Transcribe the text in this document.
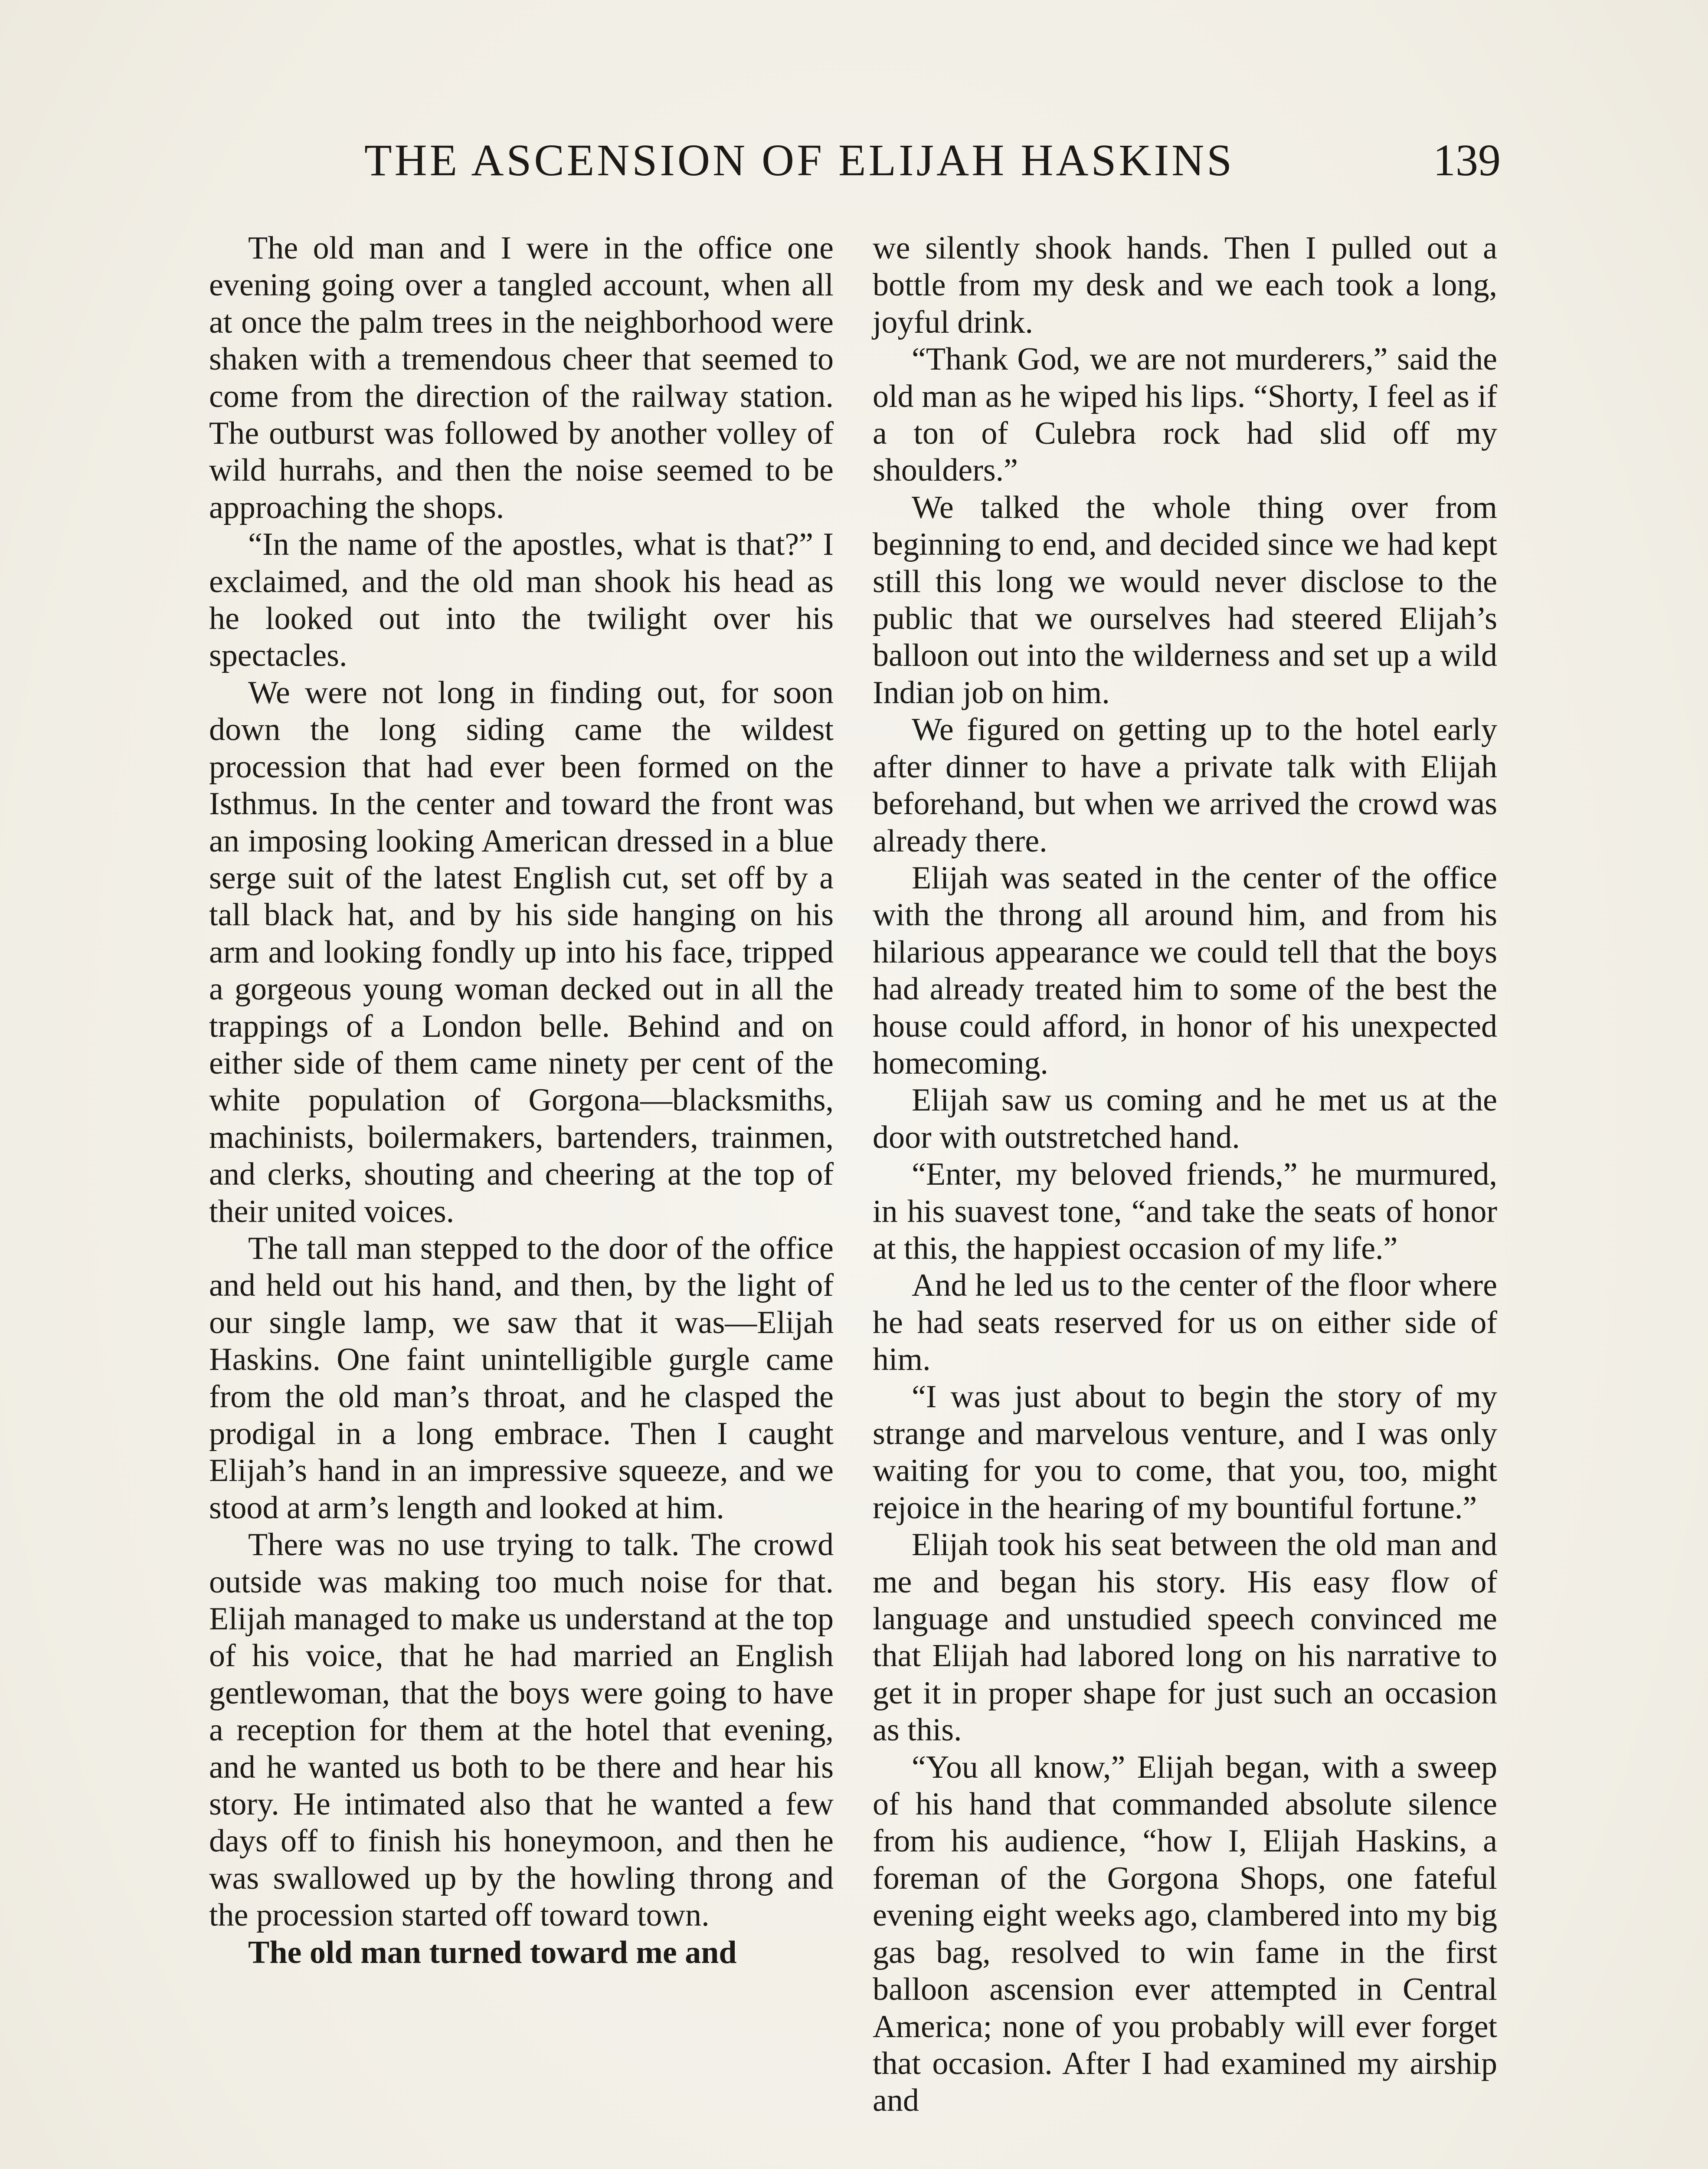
THE ASCENSION OF ELIJAH HASKINS	139

The old man and I were in the office one evening going over a tangled account, when all at once the palm trees in the neighborhood were shaken with a tremendous cheer that seemed to come from the direction of the railway station. The outburst was followed by another volley of wild hurrahs, and then the noise seemed to be approaching the shops.

“In the name of the apostles, what is that?” I exclaimed, and the old man shook his head as he looked out into the twilight over his spectacles.

We were not long in finding out, for soon down the long siding came the wildest procession that had ever been formed on the Isthmus. In the center and toward the front was an imposing looking American dressed in a blue serge suit of the latest English cut, set off by a tall black hat, and by his side hanging on his arm and looking fondly up into his face, tripped a gorgeous young woman decked out in all the trappings of a London belle. Behind and on either side of them came ninety per cent of the white population of Gorgona—blacksmiths, machinists, boilermakers, bartenders, trainmen, and clerks, shouting and cheering at the top of their united voices.

The tall man stepped to the door of the office and held out his hand, and then, by the light of our single lamp, we saw that it was—Elijah Haskins. One faint unintelligible gurgle came from the old man’s throat, and he clasped the prodigal in a long embrace. Then I caught Elijah’s hand in an impressive squeeze, and we stood at arm’s length and looked at him.

There was no use trying to talk. The crowd outside was making too much noise for that. Elijah managed to make us understand at the top of his voice, that he had married an English gentlewoman, that the boys were going to have a reception for them at the hotel that evening, and he wanted us both to be there and hear his story. He intimated also that he wanted a few days off to finish his honeymoon, and then he was swallowed up by the howling throng and the procession started off toward town.

The old man turned toward me and

we silently shook hands. Then I pulled out a bottle from my desk and we each took a long, joyful drink.

“Thank God, we are not murderers,” said the old man as he wiped his lips. “Shorty, I feel as if a ton of Culebra rock had slid off my shoulders.”

We talked the whole thing over from beginning to end, and decided since we had kept still this long we would never disclose to the public that we ourselves had steered Elijah’s balloon out into the wilderness and set up a wild Indian job on him.

We figured on getting up to the hotel early after dinner to have a private talk with Elijah beforehand, but when we arrived the crowd was already there.

Elijah was seated in the center of the office with the throng all around him, and from his hilarious appearance we could tell that the boys had already treated him to some of the best the house could afford, in honor of his unexpected homecoming.

Elijah saw us coming and he met us at the door with outstretched hand.

“Enter, my beloved friends,” he murmured, in his suavest tone, “and take the seats of honor at this, the happiest occasion of my life.”

And he led us to the center of the floor where he had seats reserved for us on either side of him.

“I was just about to begin the story of my strange and marvelous venture, and I was only waiting for you to come, that you, too, might rejoice in the hearing of my bountiful fortune.”

Elijah took his seat between the old man and me and began his story. His easy flow of language and unstudied speech convinced me that Elijah had labored long on his narrative to get it in proper shape for just such an occasion as this.

“You all know,” Elijah began, with a sweep of his hand that commanded absolute silence from his audience, “how I, Elijah Haskins, a foreman of the Gorgona Shops, one fateful evening eight weeks ago, clambered into my big gas bag, resolved to win fame in the first balloon ascension ever attempted in Central America; none of you probably will ever forget that occasion. After I had examined my airship and
